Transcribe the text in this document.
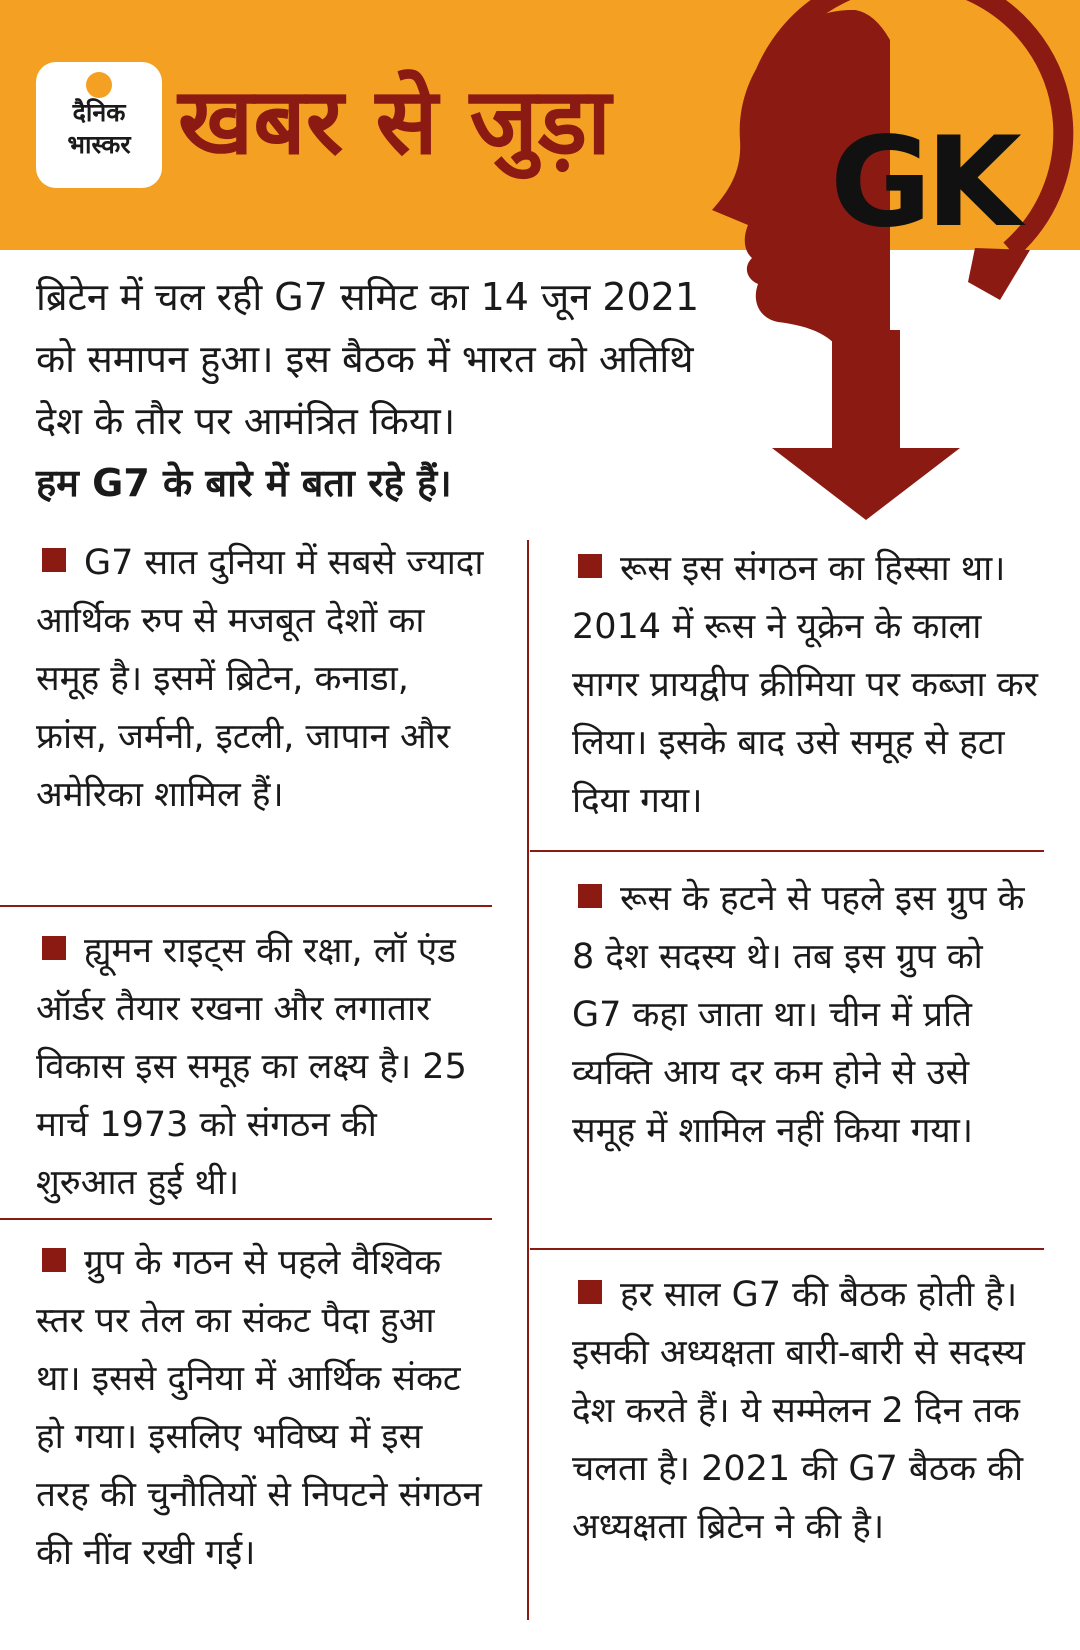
दैनिक
भास्कर खबर से जुड़ा GK
ब्रिटेन में चल रही G7 समिट का 14 जून 2021 को समापन हुआ। इस बैठक में भारत को अतिथि देश के तौर पर आमंत्रित किया।
हम G7 के बारे में बता रहे हैं।
G7 सात दुनिया में सबसे ज्यादा आर्थिक रुप से मजबूत देशों का समूह है। इसमें ब्रिटेन, कनाडा, फ्रांस, जर्मनी, इटली, जापान और अमेरिका शामिल हैं।
ह्यूमन राइट्स की रक्षा, लॉ एंड ऑर्डर तैयार रखना और लगातार विकास इस समूह का लक्ष्य है। 25 मार्च 1973 को संगठन की शुरुआत हुई थी।
ग्रुप के गठन से पहले वैश्विक स्तर पर तेल का संकट पैदा हुआ था। इससे दुनिया में आर्थिक संकट हो गया। इसलिए भविष्य में इस तरह की चुनौतियों से निपटने संगठन की नींव रखी गई।
रूस इस संगठन का हिस्सा था। 2014 में रूस ने यूक्रेन के काला सागर प्रायद्वीप क्रीमिया पर कब्जा कर लिया। इसके बाद उसे समूह से हटा दिया गया।
रूस के हटने से पहले इस ग्रुप के 8 देश सदस्य थे। तब इस ग्रुप को G7 कहा जाता था। चीन में प्रति व्यक्ति आय दर कम होने से उसे समूह में शामिल नहीं किया गया।
हर साल G7 की बैठक होती है। इसकी अध्यक्षता बारी-बारी से सदस्य देश करते हैं। ये सम्मेलन 2 दिन तक चलता है। 2021 की G7 बैठक की अध्यक्षता ब्रिटेन ने की है।
